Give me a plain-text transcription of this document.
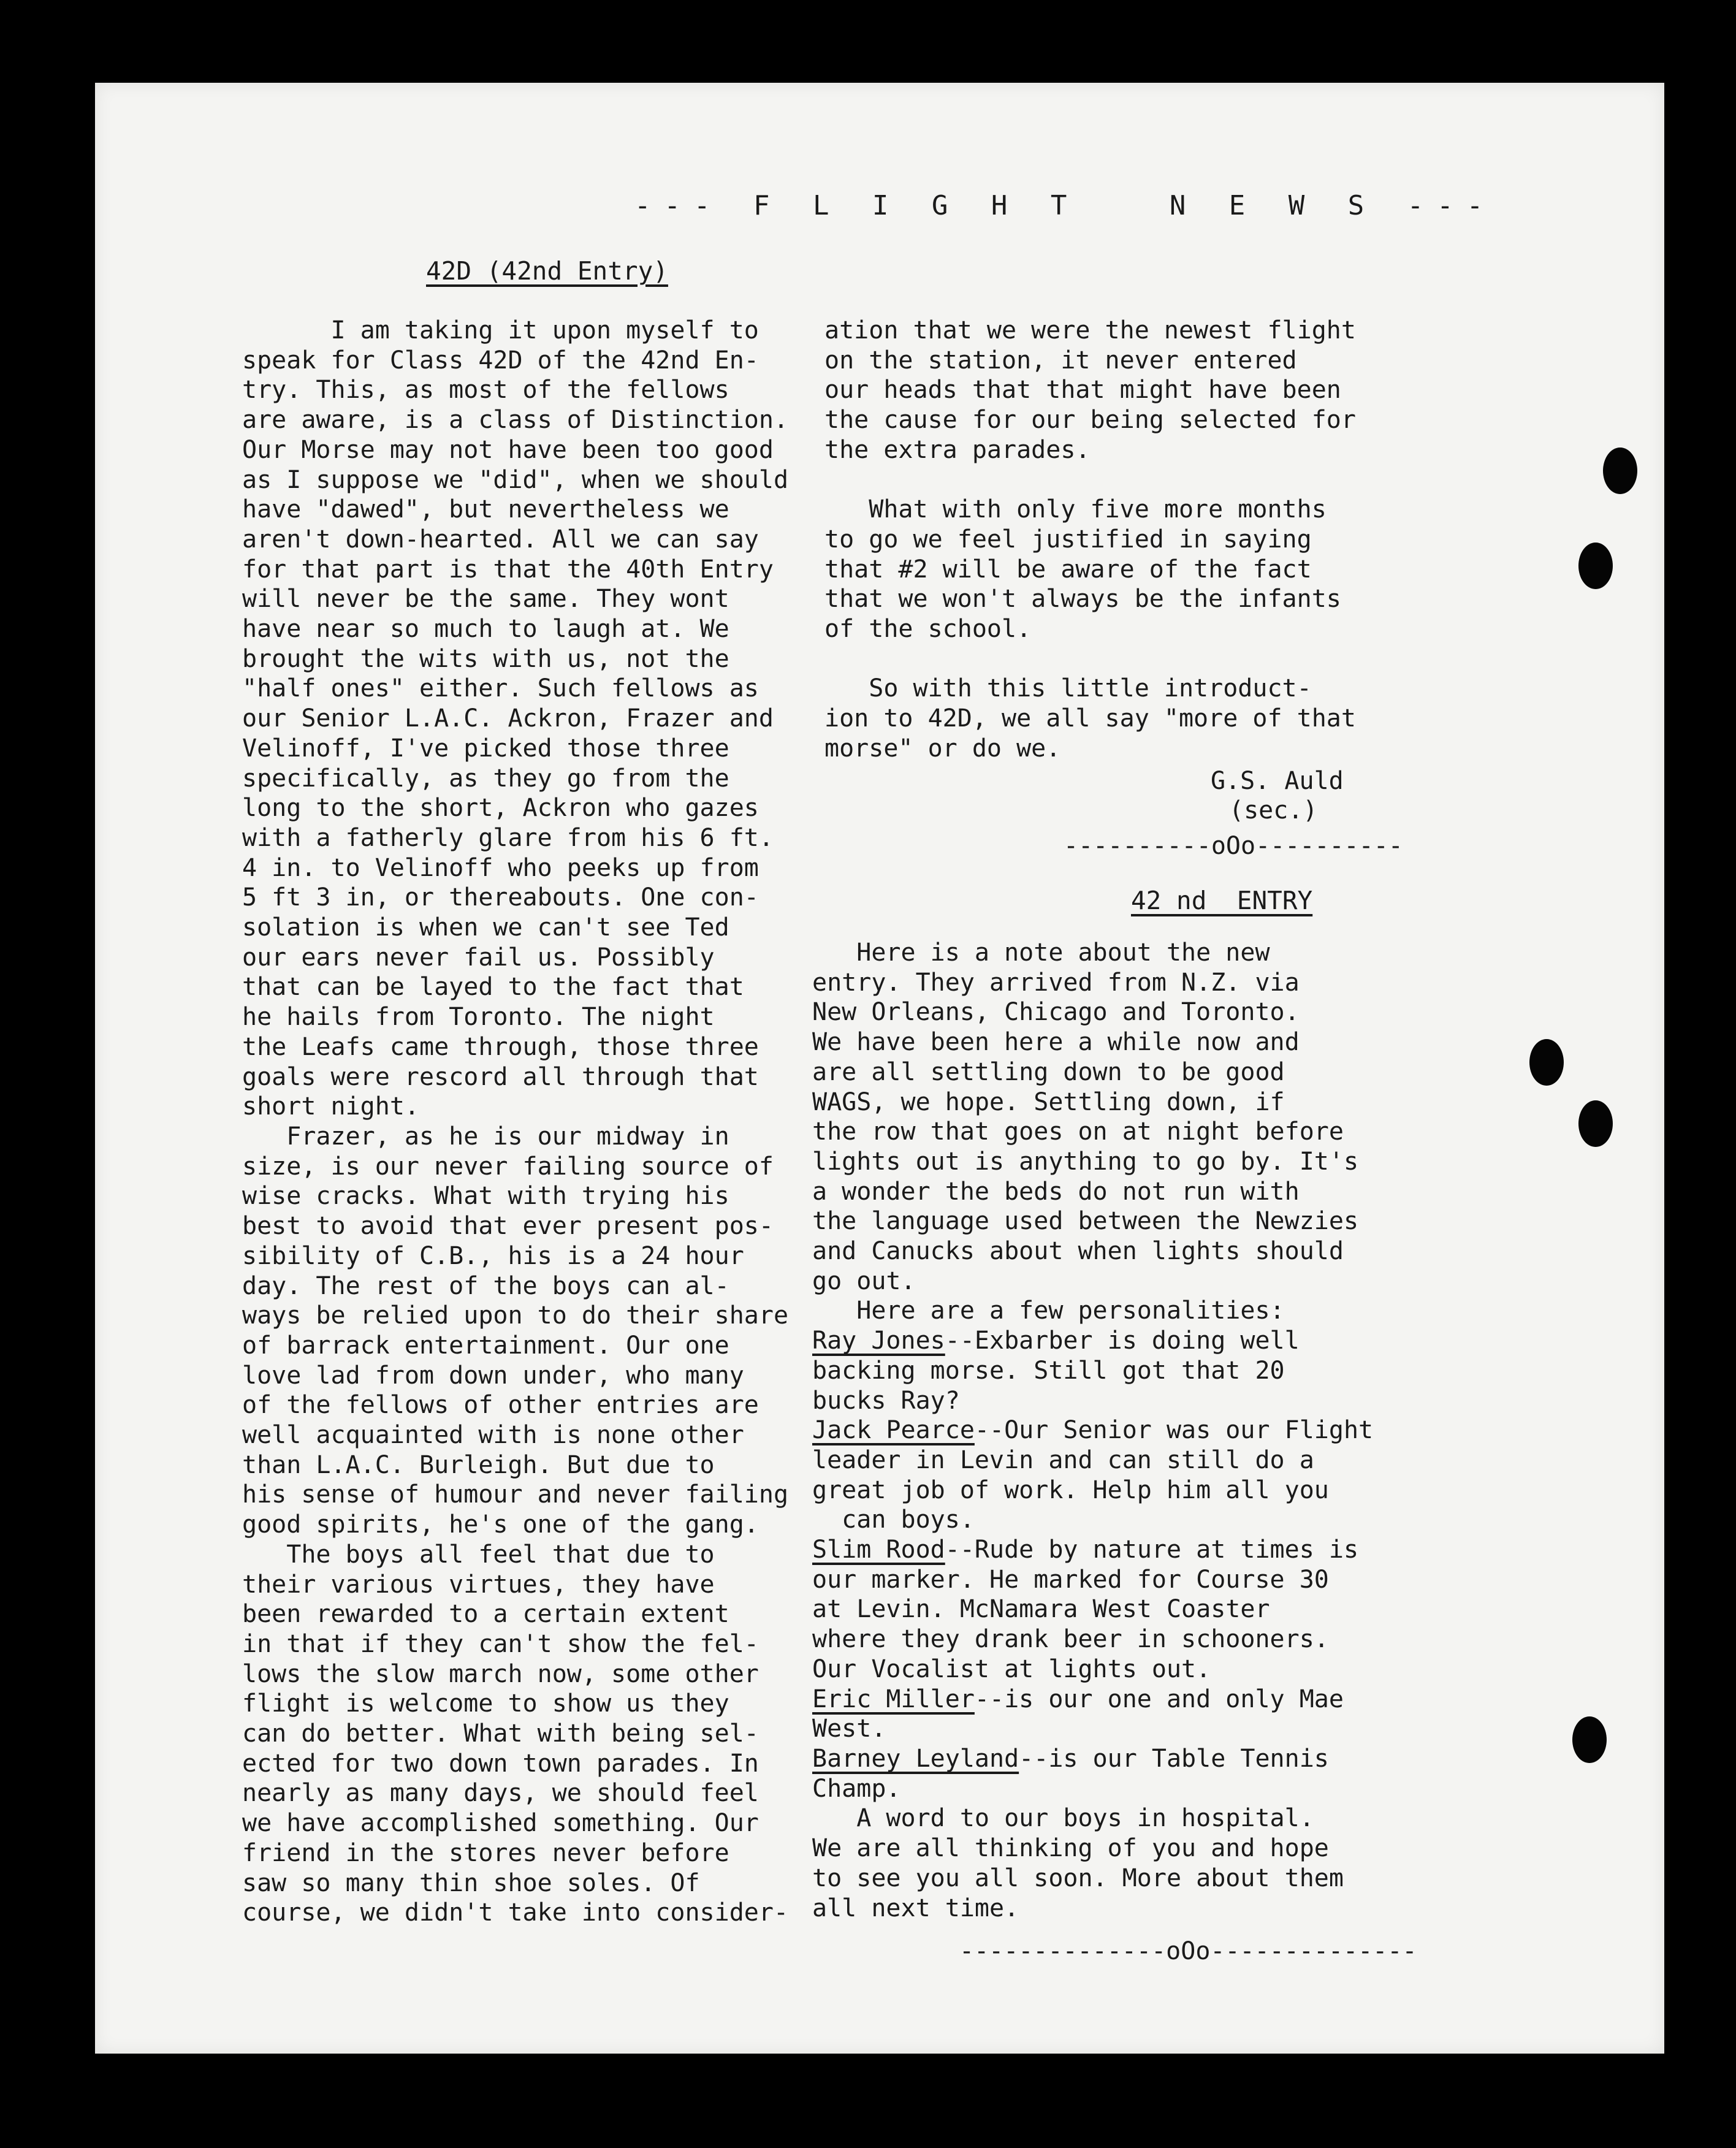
--- F L I G H T   N E W S ---
42D (42nd Entry)

I am taking it upon myself to

speak for Class 42D of the 42nd En-

try. This, as most of the fellows

are aware, is a class of Distinction.

Our Morse may not have been too good

as I suppose we "did", when we should

have "dawed", but nevertheless we

aren't down-hearted. All we can say

for that part is that the 40th Entry

will never be the same. They wont

have near so much to laugh at. We

brought the wits with us, not the

"half ones" either. Such fellows as

our Senior L.A.C. Ackron, Frazer and

Velinoff, I've picked those three

specifically, as they go from the

long to the short, Ackron who gazes

with a fatherly glare from his 6 ft.

4 in. to Velinoff who peeks up from

5 ft 3 in, or thereabouts. One con-

solation is when we can't see Ted

our ears never fail us. Possibly

that can be layed to the fact that

he hails from Toronto. The night

the Leafs came through, those three

goals were rescord all through that

short night.

Frazer, as he is our midway in

size, is our never failing source of

wise cracks. What with trying his

best to avoid that ever present pos-

sibility of C.B., his is a 24 hour

day. The rest of the boys can al-

ways be relied upon to do their share

of barrack entertainment. Our one

love lad from down under, who many

of the fellows of other entries are

well acquainted with is none other

than L.A.C. Burleigh. But due to

his sense of humour and never failing

good spirits, he's one of the gang.

The boys all feel that due to

their various virtues, they have

been rewarded to a certain extent

in that if they can't show the fel-

lows the slow march now, some other

flight is welcome to show us they

can do better. What with being sel-

ected for two down town parades. In

nearly as many days, we should feel

we have accomplished something. Our

friend in the stores never before

saw so many thin shoe soles. Of

course, we didn't take into consider-

ation that we were the newest flight

on the station, it never entered

our heads that that might have been

the cause for our being selected for

the extra parades.

What with only five more months

to go we feel justified in saying

that #2 will be aware of the fact

that we won't always be the infants

of the school.

So with this little introduct-

ion to 42D, we all say "more of that

morse" or do we.

G.S. Auld
(sec.)
----------oOo----------
42 nd  ENTRY

Here is a note about the new

entry. They arrived from N.Z. via

New Orleans, Chicago and Toronto.

We have been here a while now and

are all settling down to be good

WAGS, we hope. Settling down, if

the row that goes on at night before

lights out is anything to go by. It's

a wonder the beds do not run with

the language used between the Newzies

and Canucks about when lights should

go out.

Here are a few personalities:

Ray Jones--Exbarber is doing well

backing morse. Still got that 20

bucks Ray?

Jack Pearce--Our Senior was our Flight

leader in Levin and can still do a

great job of work. Help him all you

can boys.

Slim Rood--Rude by nature at times is

our marker. He marked for Course 30

at Levin. McNamara West Coaster

where they drank beer in schooners.

Our Vocalist at lights out.

Eric Miller--is our one and only Mae

West.

Barney Leyland--is our Table Tennis

Champ.

A word to our boys in hospital.

We are all thinking of you and hope

to see you all soon. More about them

all next time.

--------------oOo--------------
